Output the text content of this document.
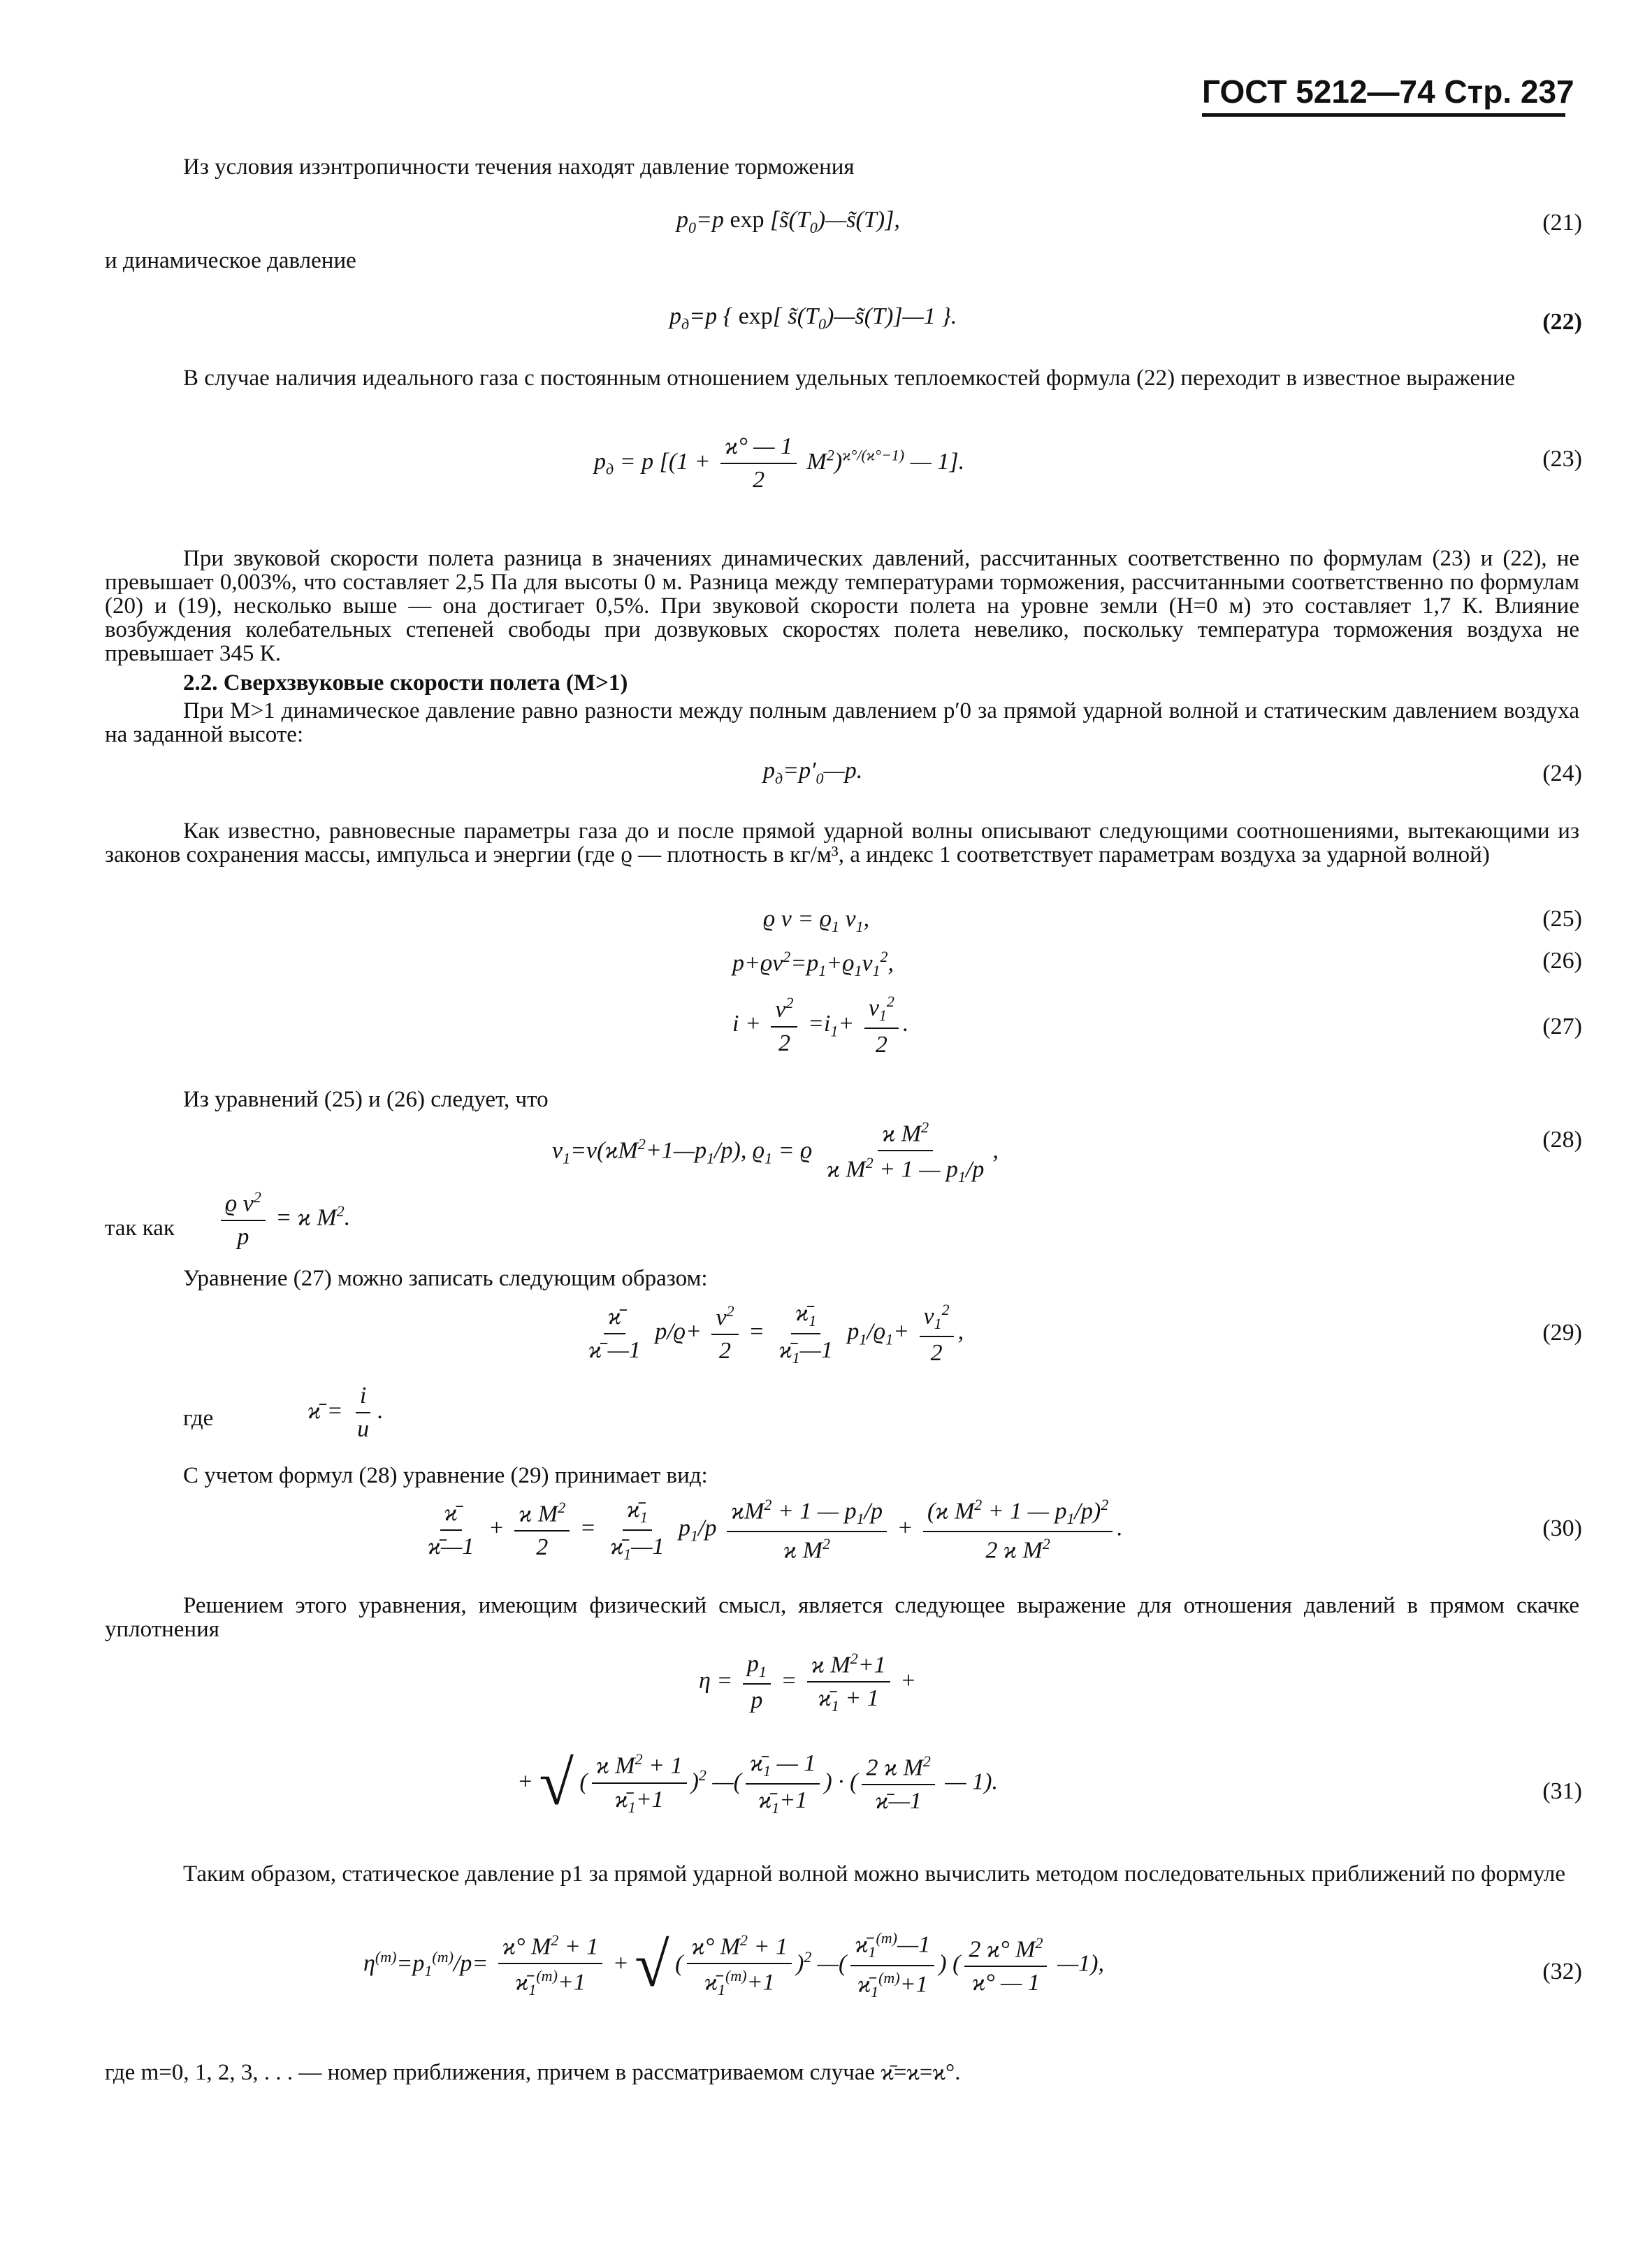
ГОСТ 5212—74 Стр. 237
Из условия изэнтропичности течения находят давление торможения
$p_0=p$ $\exp [s̃(T_0)—s̃(T)]$,	(21)
и динамическое давление
$p_д=p$ { exp[ $s̃(T_0)—s̃(T)]—1$ }.	(22)
В случае наличия идеального газа с постоянным отношением удельных теплоемкостей формула (22) переходит в известное выражение
$p_д = p$ [$(1 + \frac{ϰ^\circ — 1}{2} M^2)^{ϰ^\circ/(ϰ^\circ-1)}$ — 1].	(23)
При звуковой скорости полета разница в значениях динамических давлений, рассчитанных соответственно по формулам (23) и (22), не превышает 0,003%, что составляет 2,5 Па для высоты 0 м. Разница между температурами торможения, рассчитанными соответственно по формулам (20) и (19), несколько выше — она достигает 0,5%. При звуковой скорости полета на уровне земли (H=0 м) это составляет 1,7 К. Влияние возбуждения колебательных степеней свободы при дозвуковых скоростях полета невелико, поскольку температура торможения воздуха не превышает 345 К.
2.2. Сверхзвуковые скорости полета (M>1)
При M>1 динамическое давление равно разности между полным давлением p′0 за прямой ударной волной и статическим давлением воздуха на заданной высоте:
$p_д=p'_0—p$.	(24)
Как известно, равновесные параметры газа до и после прямой ударной волны описывают следующими соотношениями, вытекающими из законов сохранения массы, импульса и энергии (где ϱ — плотность в кг/м³, а индекс 1 соответствует параметрам воздуха за ударной волной)
ϱ $v = ϱ_1$ $v_1$,	(25)
$p+ϱv^2=p_1+ϱ_1v_1^2$,	(26)
$i + \frac{v^2}{2} =i_1+ \frac{v_1^2}{2}$ .	(27)
Из уравнений (25) и (26) следует, что
$v_1=v(ϰM^2+1—p_1/p)$, $ϱ_1 = ϱ \frac{ϰ M^2}{ϰ M^2 + 1 — p_1/p}$ ,	(28)
так как	$\frac{ϱ v^2}{p} = ϰ$ $M^2$.
Уравнение (27) можно записать следующим образом:
$\frac{ϰ̄}{ϰ̄ —1} p/ϱ+ \frac{v^2}{2} = \frac{ϰ̄_1}{ϰ̄_1—1} p_1/ϱ_1+ \frac{v_1^2}{2}$ ,	(29)
где	ϰ̄ = $\frac{i}{u}$ .
С учетом формул (28) уравнение (29) принимает вид:
$\frac{ϰ̄}{ϰ̄—1} + \frac{ϰ M^2}{2} = \frac{ϰ̄_1}{ϰ̄_1—1} p_1/p \frac{ϰM^2 + 1 — p_1/p}{ϰ M^2} + \frac{(ϰ M^2 + 1 — p_1/p)^2}{2 ϰ M^2}$ .	(30)
Решением этого уравнения, имеющим физический смысл, является следующее выражение для отношения давлений в прямом скачке уплотнения
$\eta = \frac{p_1}{p} = \frac{ϰ M^2+1}{ϰ̄_1 + 1}$ +
+ √ ( $\frac{ϰ M^2 + 1}{ϰ̄_1+1} )^2$ —( $\frac{ϰ̄_1 — 1}{ϰ̄_1+1}$ ) · ( $\frac{2 ϰ M^2}{ϰ̄—1}$ — 1).	(31)
Таким образом, статическое давление p1 за прямой ударной волной можно вычислить методом последовательных приближений по формуле
$\eta^{(m)}=p_1^{(m)}/p= \frac{ϰ^\circ M^2 + 1}{ϰ̄_1^{(m)}+1}$ + √ ( $\frac{ϰ^\circ M^2 + 1}{ϰ̄_1^{(m)}+1} )^2$ —( $\frac{ϰ̄_1^{(m)}—1}{ϰ̄_1^{(m)}+1}$ ) ( $\frac{2 ϰ^\circ M^2}{ϰ^\circ — 1}$ —1),	(32)
где m=0, 1, 2, 3, . . . — номер приближения, причем в рассматриваемом случае ϰ̄=ϰ=ϰ°.
